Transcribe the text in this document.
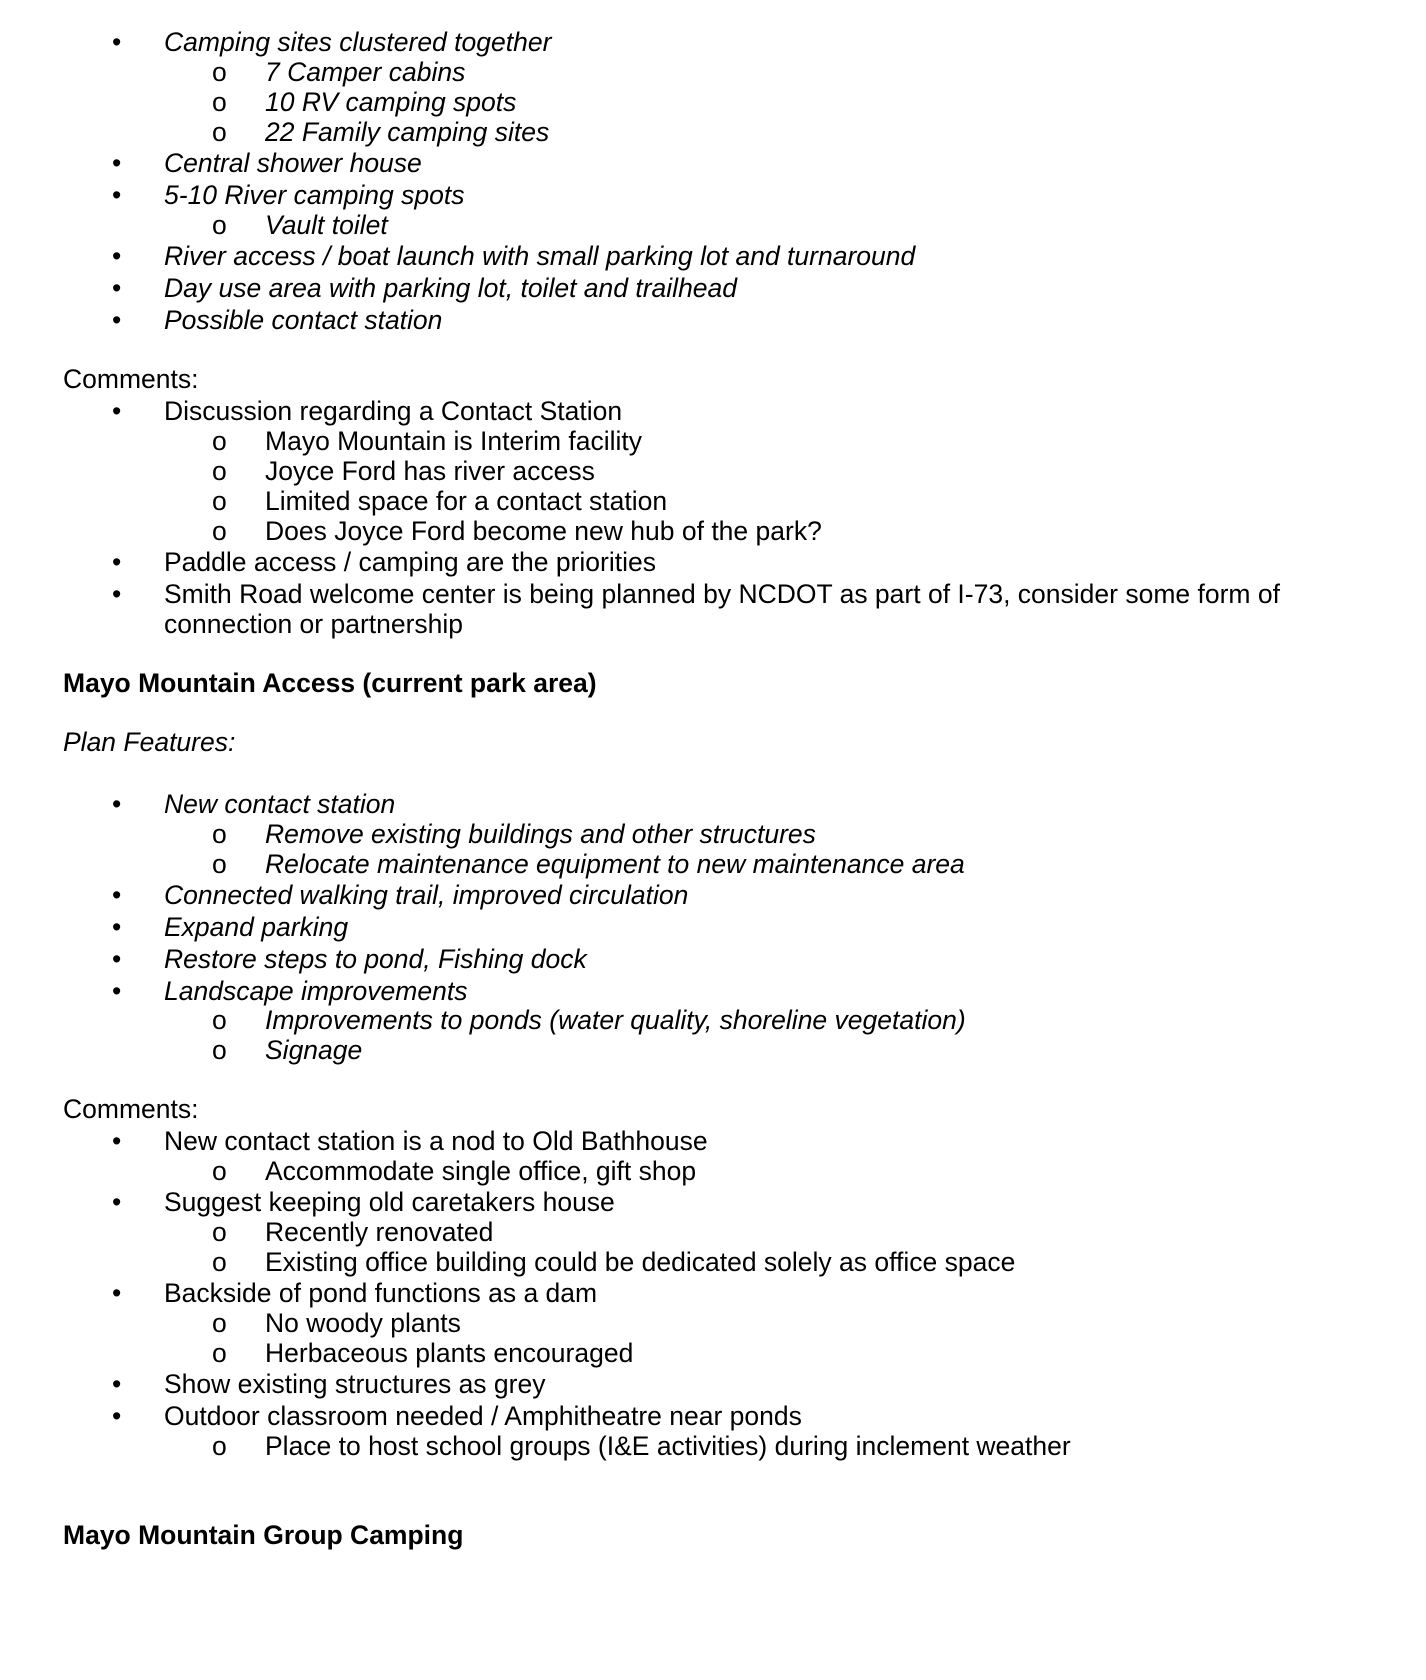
•	Camping sites clustered together
o	7 Camper cabins
o	10 RV camping spots
o	22 Family camping sites
•	Central shower house
•	5-10 River camping spots
o	Vault toilet
•	River access / boat launch with small parking lot and turnaround
•	Day use area with parking lot, toilet and trailhead
•	Possible contact station
Comments:
•	Discussion regarding a Contact Station
o	Mayo Mountain is Interim facility
o	Joyce Ford has river access
o	Limited space for a contact station
o	Does Joyce Ford become new hub of the park?
•	Paddle access / camping are the priorities
•	Smith Road welcome center is being planned by NCDOT as part of I-73, consider some form of
connection or partnership
Mayo Mountain Access (current park area)
Plan Features:
•	New contact station
o	Remove existing buildings and other structures
o	Relocate maintenance equipment to new maintenance area
•	Connected walking trail, improved circulation
•	Expand parking
•	Restore steps to pond, Fishing dock
•	Landscape improvements
o	Improvements to ponds (water quality, shoreline vegetation)
o	Signage
Comments:
•	New contact station is a nod to Old Bathhouse
o	Accommodate single office, gift shop
•	Suggest keeping old caretakers house
o	Recently renovated
o	Existing office building could be dedicated solely as office space
•	Backside of pond functions as a dam
o	No woody plants
o	Herbaceous plants encouraged
•	Show existing structures as grey
•	Outdoor classroom needed / Amphitheatre near ponds
o	Place to host school groups (I&E activities) during inclement weather
Mayo Mountain Group Camping
